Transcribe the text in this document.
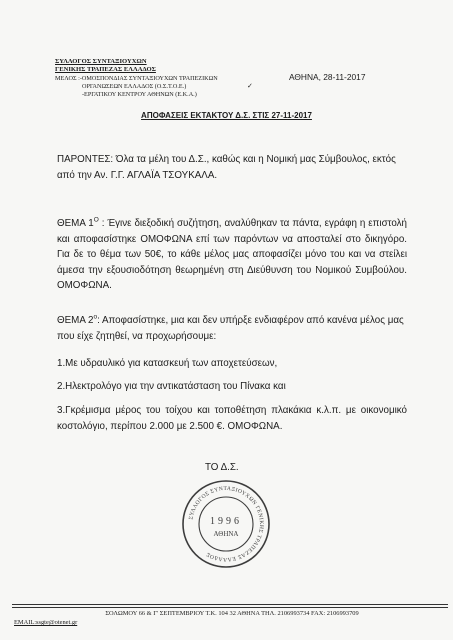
ΣΥΛΛΟΓΟΣ ΣΥΝΤΑΞΙΟΥΧΩΝ
ΓΕΝΙΚΗΣ ΤΡΑΠΕΖΑΣ ΕΛΛΑΔΟΣ
ΜΕΛΟΣ :-ΟΜΟΣΠΟΝΔΙΑΣ ΣΥΝΤΑΞΙΟΥΧΩΝ ΤΡΑΠΕΖΙΚΩΝ
ΟΡΓΑΝΩΣΕΩΝ ΕΛΛΑΔΟΣ (Ο.Σ.Τ.Ο.Ε.)
-ΕΡΓΑΤΙΚΟΥ ΚΕΝΤΡΟΥ ΑΘΗΝΩΝ (Ε.Κ.Α.)
✓
ΑΘΗΝΑ, 28-11-2017
ΑΠΟΦΑΣΕΙΣ ΕΚΤΑΚΤΟΥ Δ.Σ. ΣΤΙΣ 27-11-2017
ΠΑΡΟΝΤΕΣ: Όλα τα μέλη του Δ.Σ., καθώς και η Νομική μας Σύμβουλος, εκτός από την Αν. Γ.Γ. ΑΓΛΑΪΑ ΤΣΟΥΚΑΛΑ.
ΘΕΜΑ $1^O$ : Έγινε διεξοδική συζήτηση, αναλύθηκαν τα πάντα, εγράφη η επιστολή και αποφασίστηκε ΟΜΟΦΩΝΑ επί των παρόντων να αποσταλεί στο δικηγόρο. Για δε το θέμα των 50€, το κάθε μέλος μας αποφασίζει μόνο του και να στείλει άμεσα την εξουσιοδότηση θεωρημένη στη Διεύθυνση του Νομικού Συμβούλου. ΟΜΟΦΩΝΑ.
ΘΕΜΑ $2^o$: Αποφασίστηκε, μια και δεν υπήρξε ενδιαφέρον από κανένα μέλος μας που είχε ζητηθεί, να προχωρήσουμε:
1.Με υδραυλικό για κατασκευή των αποχετεύσεων,
2.Ηλεκτρολόγο για την αντικατάσταση του Πίνακα και
3.Γκρέμισμα μέρος του τοίχου και τοποθέτηση πλακάκια κ.λ.π. με οικονομικό κοστολόγιο, περίπου 2.000 με 2.500 €. ΟΜΟΦΩΝΑ.
ΤΟ Δ.Σ.
ΣΥΛΛΟΓΟΣ ΣΥΝΤΑΞΙΟΥΧΩΝ ΓΕΝΙΚΗΣ ΤΡΑΠΕΖΑΣ ΕΛΛΑΔΟΣ
1996
ΑΘΗΝΑ
ΣΟΛΩΜΟΥ 66 & Γ' ΣΕΠΤΕΜΒΡΙΟΥ Τ.Κ. 104 32 ΑΘΗΝΑ ΤΗΛ. 2106993734 FAX: 2106993709
EMAIL:ssgte@otenet.gr
